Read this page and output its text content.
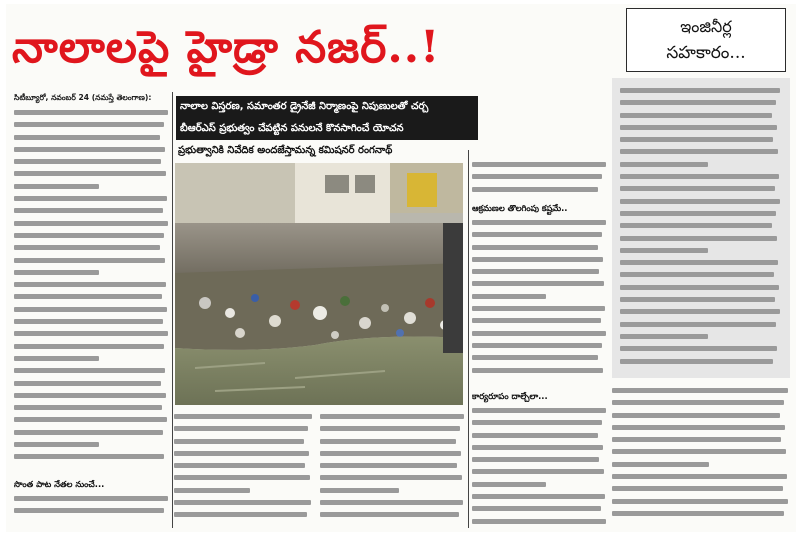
నాలాలపై హైడ్రా నజర్..!	ఇంజినీర్ల
సహకారం...
సిటీబ్యూరో, నవంబర్ 24 (నమస్తే తెలంగాణ):
సొంత పాట నేతల నుంచే...
నాలాల విస్తరణ, సమాంతర డ్రైనేజీ నిర్మాణంపై నిపుణులతో చర్చ
బీఆర్ఎస్ ప్రభుత్వం చేపట్టిన పనులనే కొనసాగించే యోచన
ప్రభుత్వానికి నివేదిక అందజేస్తామన్న కమిషనర్ రంగనాథ్
ఆక్రమణల తొలగింపు కష్టమే..
కార్యరూపం దాల్చేలా...
